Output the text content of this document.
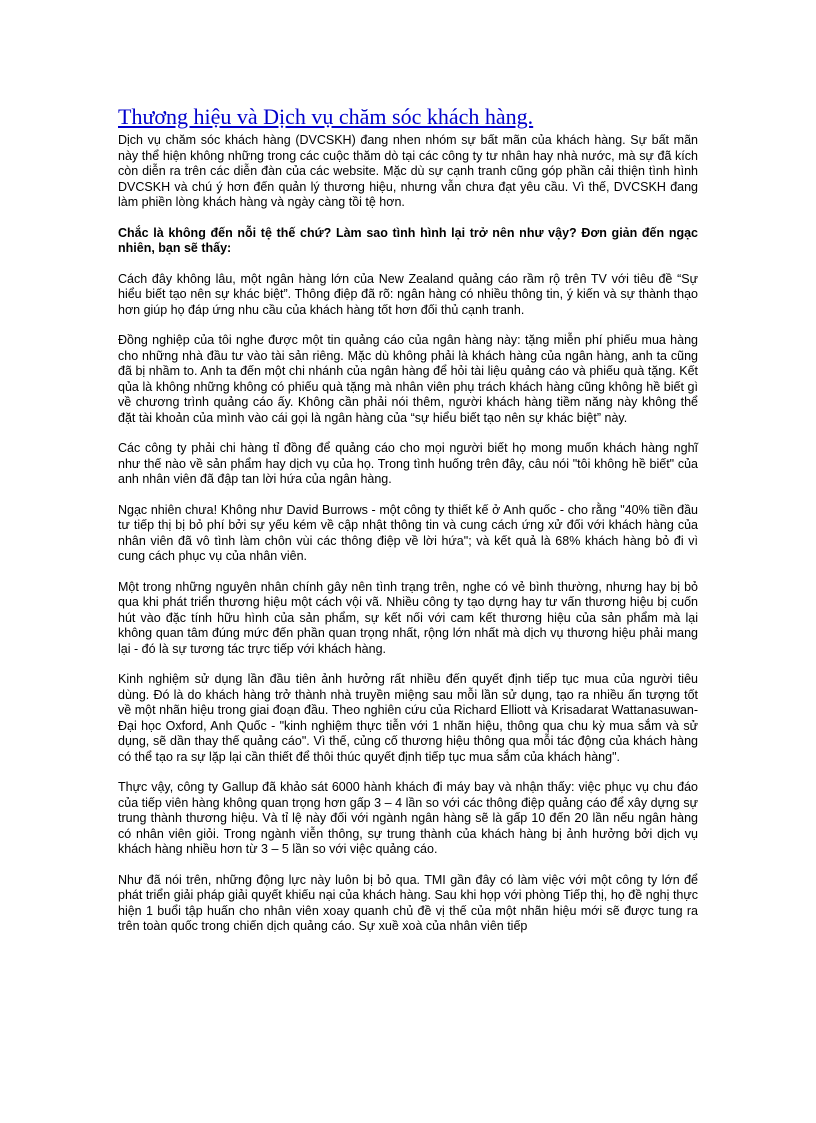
Thương hiệu và Dịch vụ chăm sóc khách hàng.

Dịch vụ chăm sóc khách hàng (DVCSKH) đang nhen nhóm sự bất mãn của khách hàng. Sự bất mãn này thể hiện không những trong các cuộc thăm dò tại các công ty tư nhân hay nhà nước, mà sự đã kích còn diễn ra trên các diễn đàn của các website. Mặc dù sự cạnh tranh cũng góp phần cải thiện tình hình DVCSKH và chú ý hơn đến quản lý thương hiệu, nhưng vẫn chưa đạt yêu cầu. Vì thế, DVCSKH đang làm phiền lòng khách hàng và ngày càng tồi tệ hơn.

Chắc là không đến nỗi tệ thế chứ? Làm sao tình hình lại trở nên như vậy? Đơn giản đến ngạc nhiên, bạn sẽ thấy:

Cách đây không lâu, một ngân hàng lớn của New Zealand quảng cáo rầm rộ trên TV với tiêu đề “Sự hiểu biết tạo nên sự khác biệt”. Thông điệp đã rõ: ngân hàng có nhiều thông tin, ý kiến và sự thành thạo hơn giúp họ đáp ứng nhu cầu của khách hàng tốt hơn đối thủ cạnh tranh.

Đồng nghiệp của tôi nghe được một tin quảng cáo của ngân hàng này: tặng miễn phí phiếu mua hàng cho những nhà đầu tư vào tài sản riêng. Mặc dù không phải là khách hàng của ngân hàng, anh ta cũng đã bị nhầm to. Anh ta đến một chi nhánh của ngân hàng để hỏi tài liệu quảng cáo và phiếu quà tặng. Kết qủa là không những không có phiếu quà tặng mà nhân viên phụ trách khách hàng cũng không hề biết gì về chương trình quảng cáo ấy. Không cần phải nói thêm, người khách hàng tiềm năng này không thể đặt tài khoản của mình vào cái gọi là ngân hàng của “sự hiểu biết tạo nên sự khác biệt” này.

Các công ty phải chi hàng tỉ đồng để quảng cáo cho mọi người biết họ mong muốn khách hàng nghĩ như thế nào về sản phẩm hay dịch vụ của họ. Trong tình huống trên đây, câu nói "tôi không hề biết" của anh nhân viên đã đập tan lời hứa của ngân hàng.

Ngạc nhiên chưa! Không như David Burrows - một công ty thiết kế ở Anh quốc - cho rằng "40% tiền đầu tư tiếp thị bị bỏ phí bởi sự yếu kém về cập nhật thông tin và cung cách ứng xử đối với khách hàng của nhân viên đã vô tình làm chôn vùi các thông điệp về lời hứa"; và kết quả là 68% khách hàng bỏ đi vì cung cách phục vụ của nhân viên.

Một trong những nguyên nhân chính gây nên tình trạng trên, nghe có vẻ bình thường, nhưng hay bị bỏ qua khi phát triển thương hiệu một cách vội vã. Nhiều công ty tạo dựng hay tư vấn thương hiệu bị cuốn hút vào đặc tính hữu hình của sản phẩm, sự kết nối với cam kết thương hiệu của sản phẩm mà lại không quan tâm đúng mức đến phần quan trọng nhất, rộng lớn nhất mà dịch vụ thương hiệu phải mang lại - đó là sự tương tác trực tiếp với khách hàng.

Kinh nghiệm sử dụng lần đầu tiên ảnh hưởng rất nhiều đến quyết định tiếp tục mua của người tiêu dùng. Đó là do khách hàng trở thành nhà truyền miệng sau mỗi lần sử dụng, tạo ra nhiều ấn tượng tốt về một nhãn hiệu trong giai đoạn đầu. Theo nghiên cứu của Richard Elliott và Krisadarat Wattanasuwan- Đại học Oxford, Anh Quốc - "kinh nghiệm thực tiễn với 1 nhãn hiệu, thông qua chu kỳ mua sắm và sử dụng, sẽ dần thay thế quảng cáo". Vì thế, củng cố thương hiệu thông qua mỗi tác động của khách hàng có thể tạo ra sự lặp lại cần thiết để thôi thúc quyết định tiếp tục mua sắm của khách hàng".

Thực vậy, công ty Gallup đã khảo sát 6000 hành khách đi máy bay và nhận thấy: việc phục vụ chu đáo của tiếp viên hàng không quan trọng hơn gấp 3 – 4 lần so với các thông điệp quảng cáo để xây dựng sự trung thành thương hiệu. Và tỉ lệ này đối với ngành ngân hàng sẽ là gấp 10 đến 20 lần nếu ngân hàng có nhân viên giỏi. Trong ngành viễn thông, sự trung thành của khách hàng bị ảnh hưởng bởi dịch vụ khách hàng nhiều hơn từ 3 – 5 lần so với việc quảng cáo.

Như đã nói trên, những động lực này luôn bị bỏ qua. TMI gần đây có làm việc với một công ty lớn để phát triển giải pháp giải quyết khiếu nại của khách hàng. Sau khi họp với phòng Tiếp thị, họ đề nghị thực hiện 1 buổi tập huấn cho nhân viên xoay quanh chủ đề vị thế của một nhãn hiệu mới sẽ được tung ra trên toàn quốc trong chiến dịch quảng cáo. Sự xuề xoà của nhân viên tiếp
